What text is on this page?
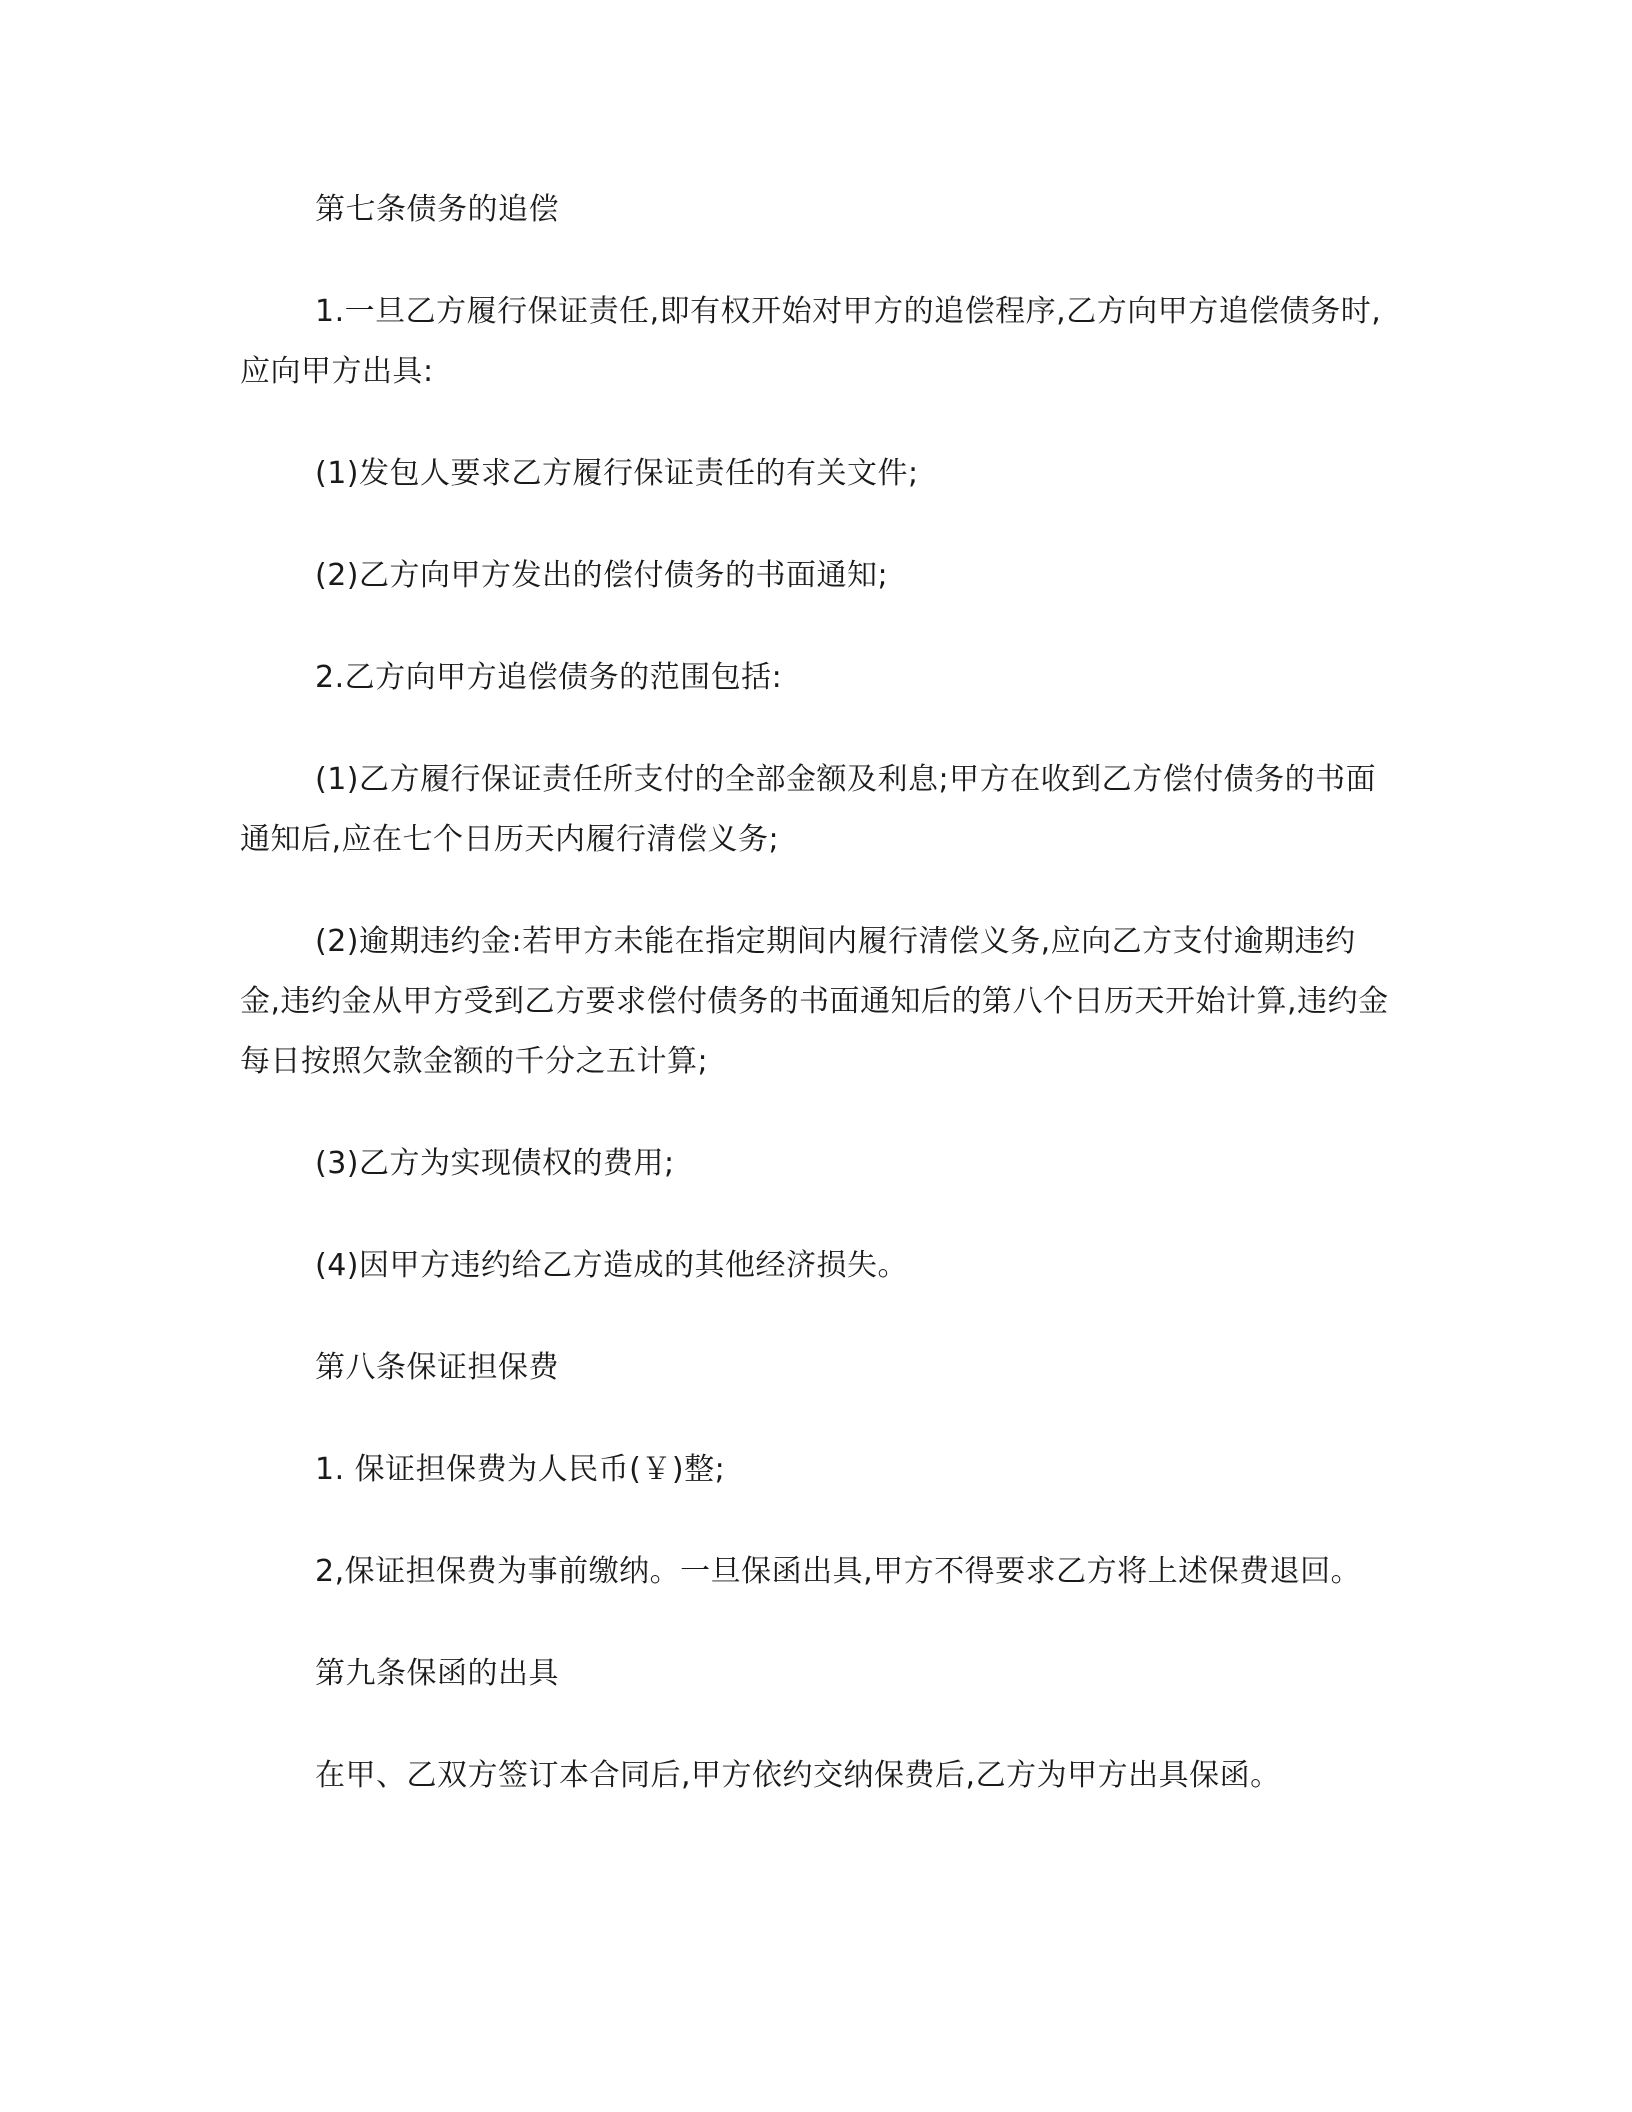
第七条债务的追偿

1.一旦乙方履行保证责任,即有权开始对甲方的追偿程序,乙方向甲方追偿债务时,应向甲方出具:

(1)发包人要求乙方履行保证责任的有关文件;

(2)乙方向甲方发出的偿付债务的书面通知;

2.乙方向甲方追偿债务的范围包括:

(1)乙方履行保证责任所支付的全部金额及利息;甲方在收到乙方偿付债务的书面通知后,应在七个日历天内履行清偿义务;

(2)逾期违约金:若甲方未能在指定期间内履行清偿义务,应向乙方支付逾期违约金,违约金从甲方受到乙方要求偿付债务的书面通知后的第八个日历天开始计算,违约金每日按照欠款金额的千分之五计算;

(3)乙方为实现债权的费用;

(4)因甲方违约给乙方造成的其他经济损失。

第八条保证担保费

1. 保证担保费为人民币(￥)整;

2,保证担保费为事前缴纳。一旦保函出具,甲方不得要求乙方将上述保费退回。

第九条保函的出具

在甲、乙双方签订本合同后,甲方依约交纳保费后,乙方为甲方出具保函。
